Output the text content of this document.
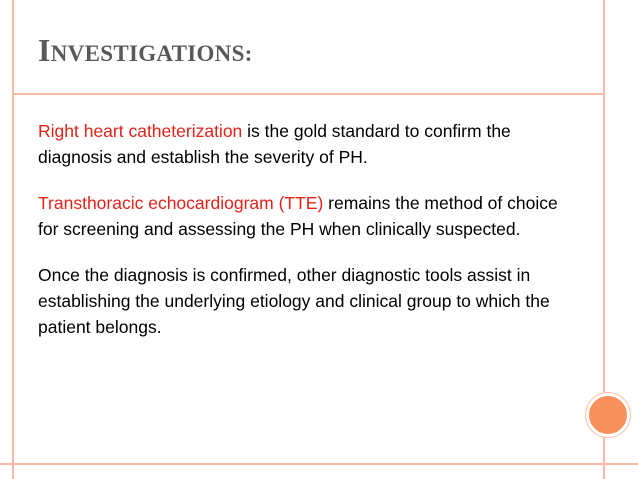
INVESTIGATIONS:

Right heart catheterization is the gold standard to confirm the diagnosis and establish the severity of PH.

Transthoracic echocardiogram (TTE) remains the method of choice for screening and assessing the PH when clinically suspected.

Once the diagnosis is confirmed, other diagnostic tools assist in establishing the underlying etiology and clinical group to which the patient belongs.
